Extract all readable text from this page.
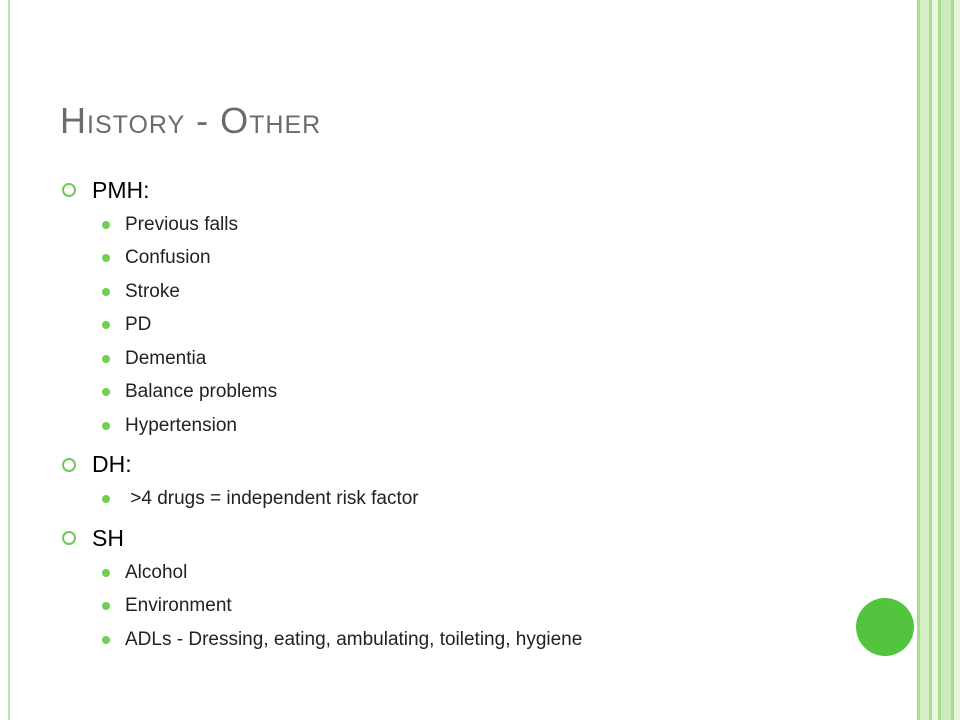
History - Other
PMH:
Previous falls
Confusion
Stroke
PD
Dementia
Balance problems
Hypertension
DH:
>4 drugs = independent risk factor
SH
Alcohol
Environment
ADLs - Dressing, eating, ambulating, toileting, hygiene
